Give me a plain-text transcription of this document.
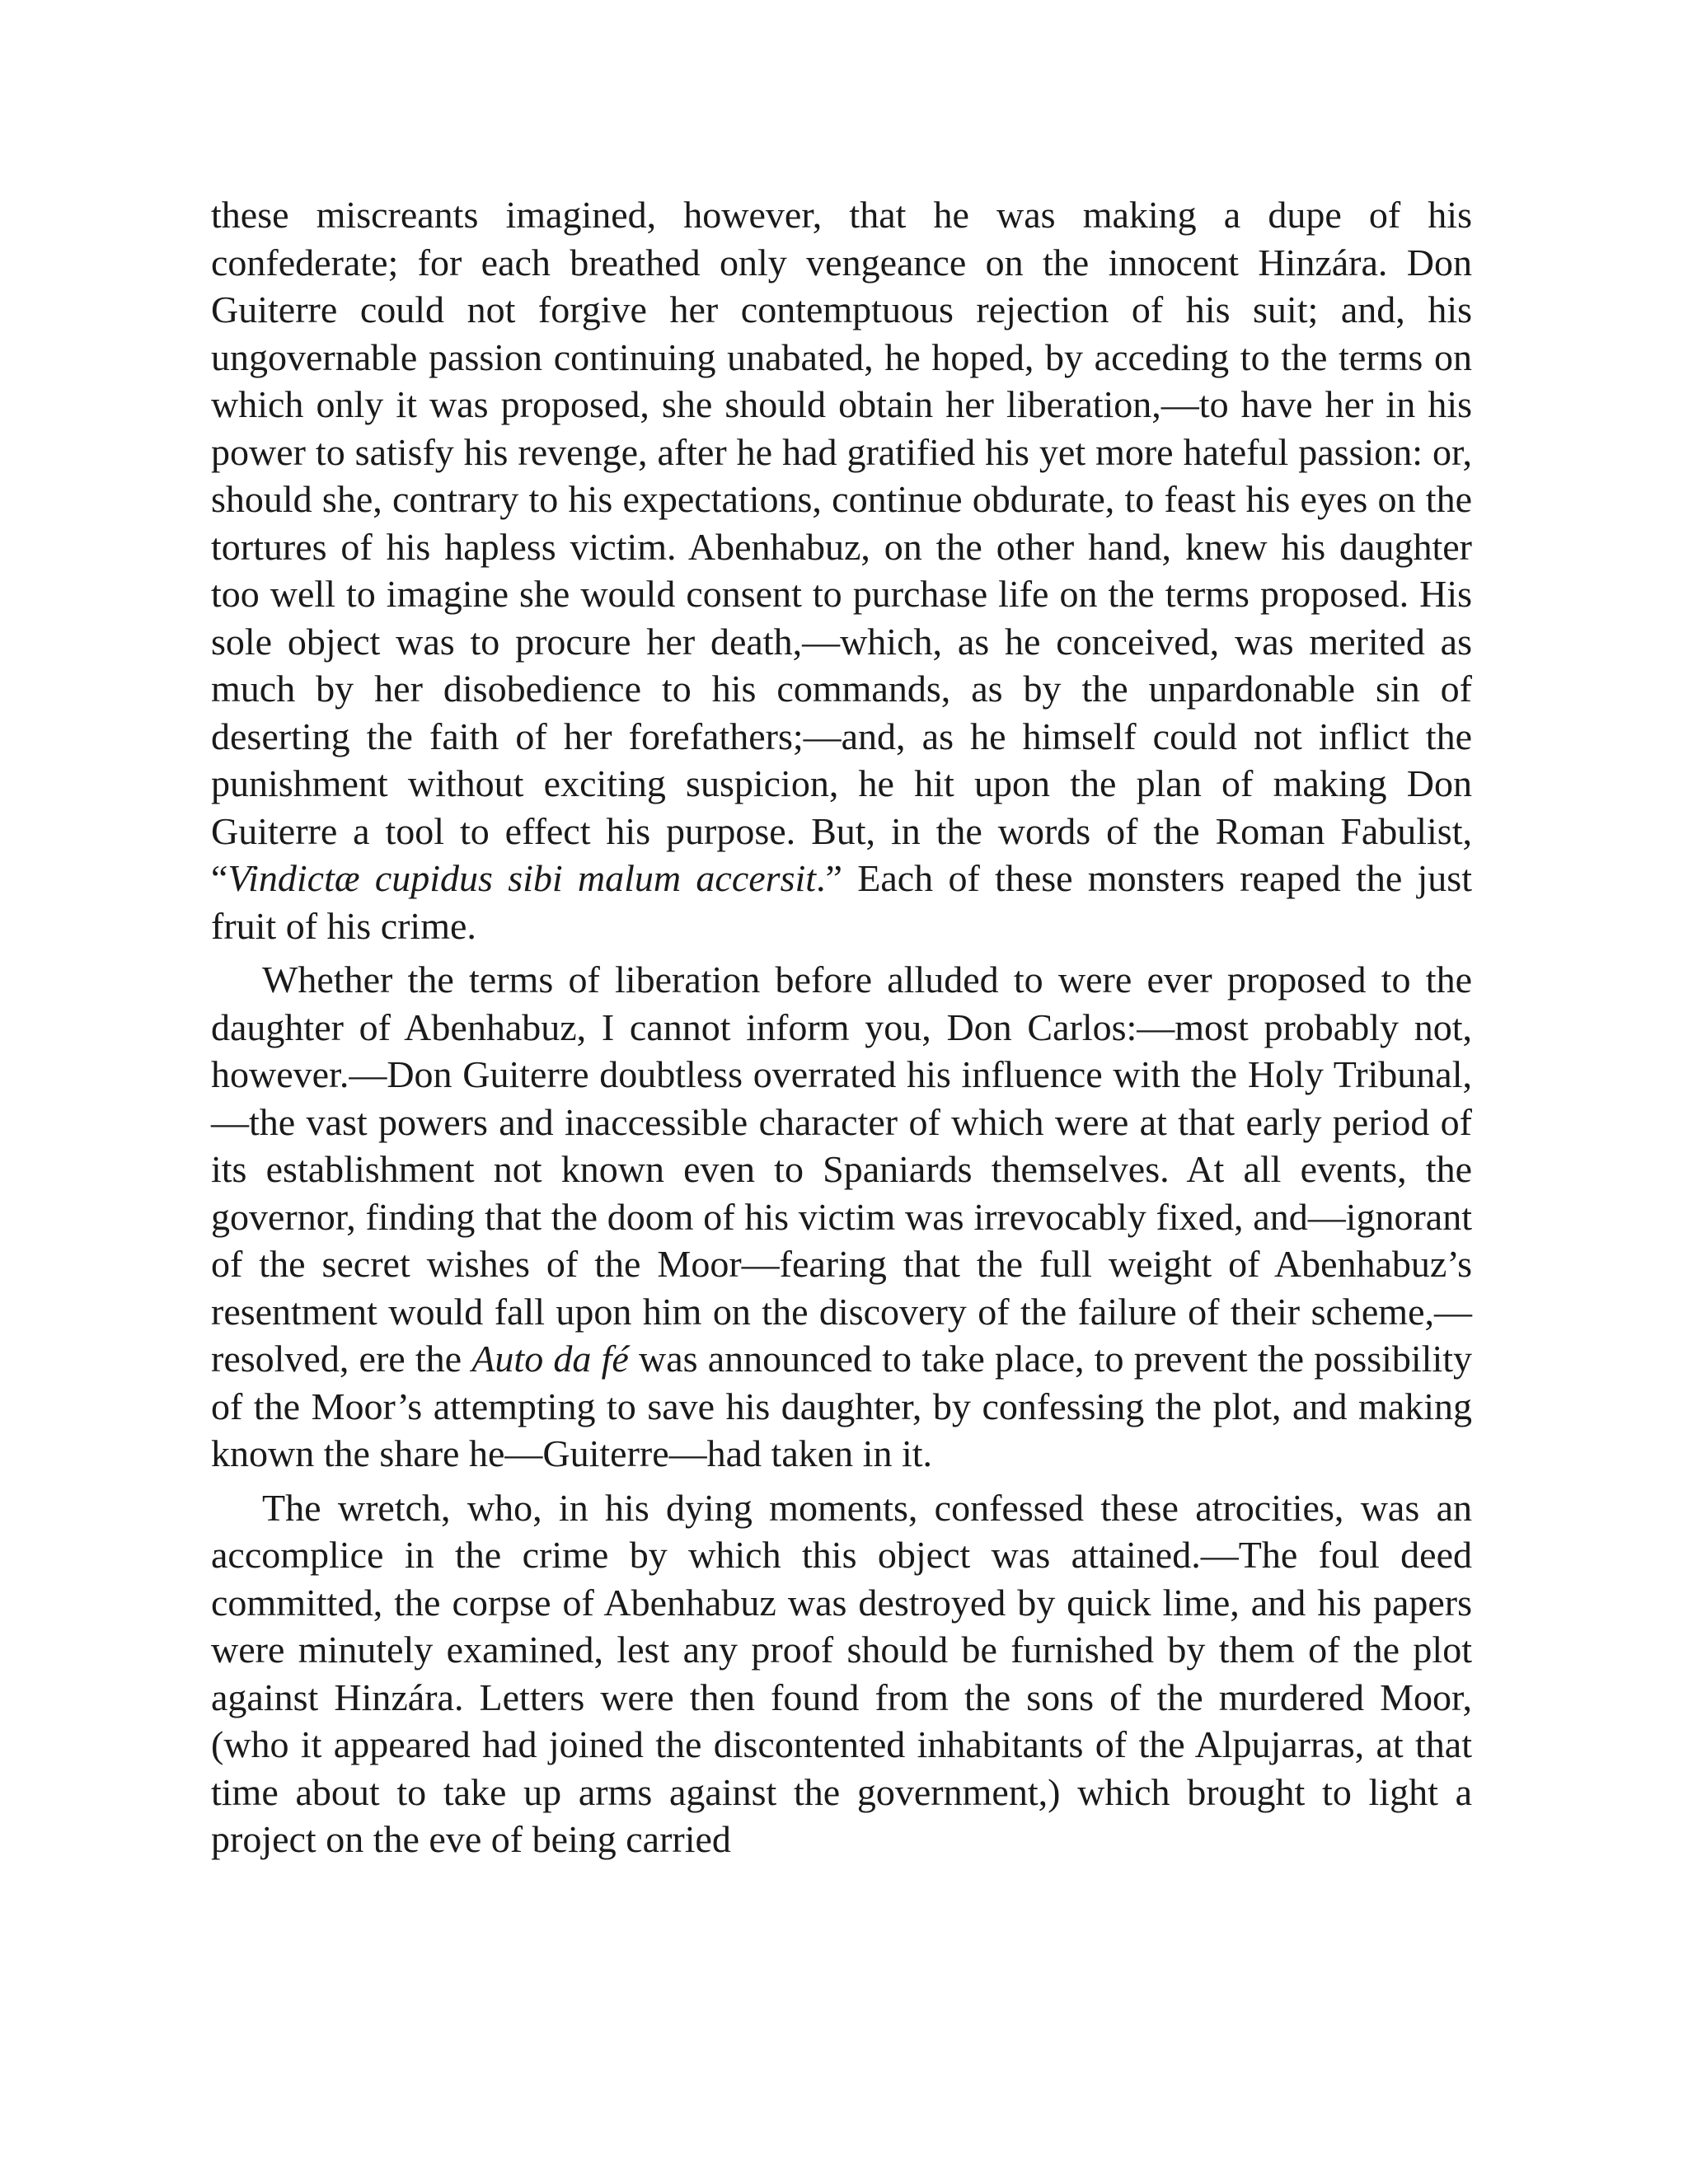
these miscreants imagined, however, that he was making a dupe of his confederate; for each breathed only vengeance on the innocent Hinzára. Don Guiterre could not forgive her contemptuous rejection of his suit; and, his ungovernable passion continuing unabated, he hoped, by acceding to the terms on which only it was proposed, she should obtain her liberation,—to have her in his power to satisfy his revenge, after he had gratified his yet more hateful passion: or, should she, contrary to his expectations, continue obdurate, to feast his eyes on the tortures of his hapless victim. Abenhabuz, on the other hand, knew his daughter too well to imagine she would consent to purchase life on the terms proposed. His sole object was to procure her death,—which, as he conceived, was merited as much by her disobedience to his commands, as by the unpardonable sin of deserting the faith of her forefathers;—and, as he himself could not inflict the punishment without exciting suspicion, he hit upon the plan of making Don Guiterre a tool to effect his purpose. But, in the words of the Roman Fabulist, “Vindictæ cupidus sibi malum accersit.” Each of these monsters reaped the just fruit of his crime.

Whether the terms of liberation before alluded to were ever proposed to the daughter of Abenhabuz, I cannot inform you, Don Carlos:—most probably not, however.—Don Guiterre doubtless overrated his influence with the Holy Tribunal,—the vast powers and inaccessible character of which were at that early period of its establishment not known even to Spaniards themselves. At all events, the governor, finding that the doom of his victim was irrevocably fixed, and—ignorant of the secret wishes of the Moor—fearing that the full weight of Abenhabuz’s resentment would fall upon him on the discovery of the failure of their scheme,—resolved, ere the Auto da fé was announced to take place, to prevent the possibility of the Moor’s attempting to save his daughter, by confessing the plot, and making known the share he—Guiterre—had taken in it.

The wretch, who, in his dying moments, confessed these atrocities, was an accomplice in the crime by which this object was attained.—The foul deed committed, the corpse of Abenhabuz was destroyed by quick lime, and his papers were minutely examined, lest any proof should be furnished by them of the plot against Hinzára. Letters were then found from the sons of the murdered Moor, (who it appeared had joined the discontented inhabitants of the Alpujarras, at that time about to take up arms against the government,) which brought to light a project on the eve of being carried
